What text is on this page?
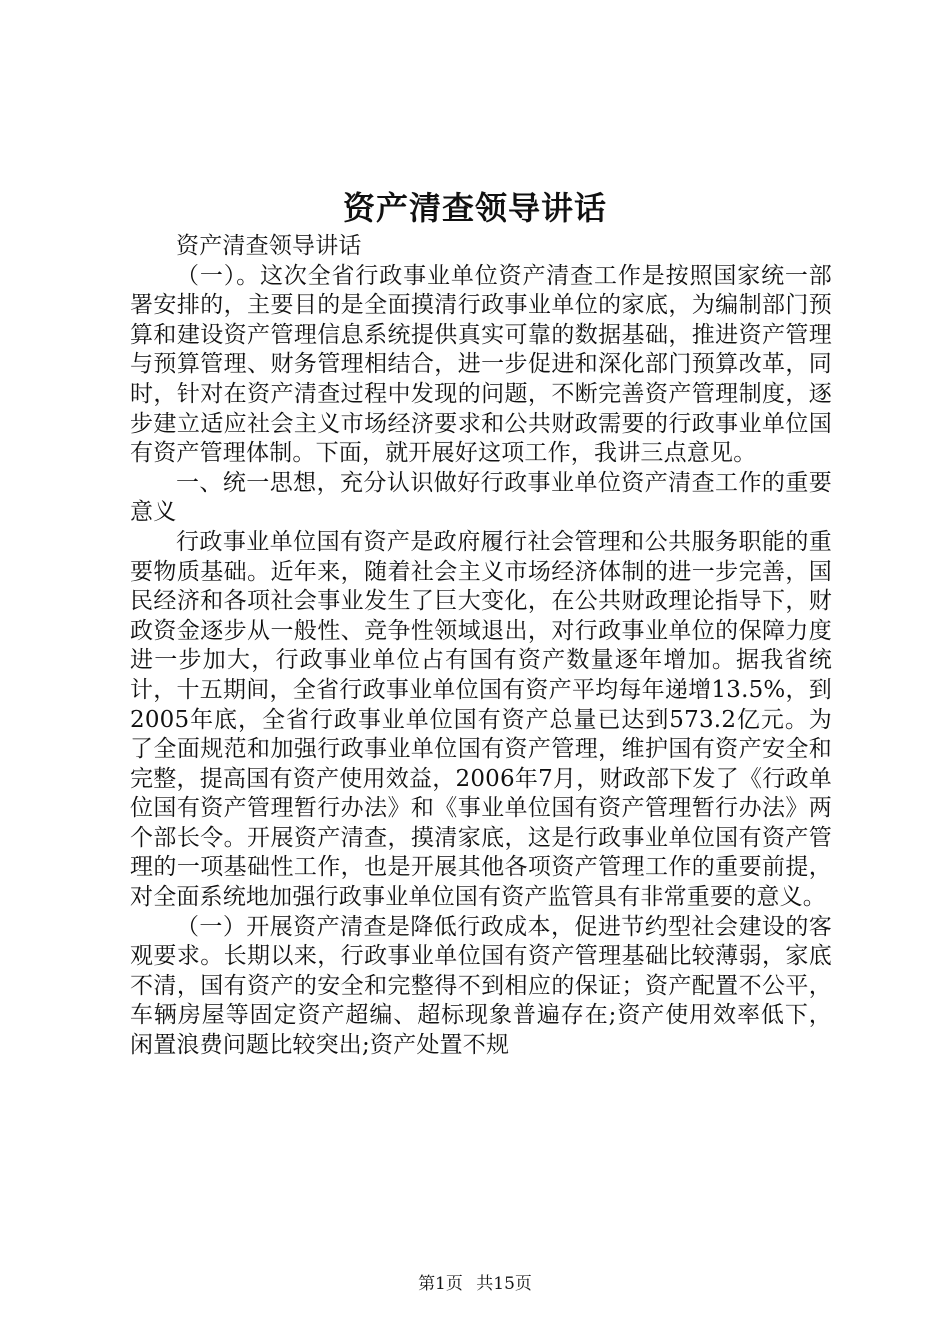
资产清查领导讲话

资产清查领导讲话

（一）。这次全省行政事业单位资产清查工作是按照国家统一部署安排的，主要目的是全面摸清行政事业单位的家底，为编制部门预算和建设资产管理信息系统提供真实可靠的数据基础，推进资产管理与预算管理、财务管理相结合，进一步促进和深化部门预算改革，同时，针对在资产清查过程中发现的问题，不断完善资产管理制度，逐步建立适应社会主义市场经济要求和公共财政需要的行政事业单位国有资产管理体制。下面，就开展好这项工作，我讲三点意见。

一、统一思想，充分认识做好行政事业单位资产清查工作的重要意义

行政事业单位国有资产是政府履行社会管理和公共服务职能的重要物质基础。近年来，随着社会主义市场经济体制的进一步完善，国民经济和各项社会事业发生了巨大变化，在公共财政理论指导下，财政资金逐步从一般性、竞争性领域退出，对行政事业单位的保障力度进一步加大，行政事业单位占有国有资产数量逐年增加。据我省统计，十五期间，全省行政事业单位国有资产平均每年递增13.5%，到2005年底，全省行政事业单位国有资产总量已达到573.2亿元。为了全面规范和加强行政事业单位国有资产管理，维护国有资产安全和完整，提高国有资产使用效益，2006年7月，财政部下发了《行政单位国有资产管理暂行办法》和《事业单位国有资产管理暂行办法》两个部长令。开展资产清查，摸清家底，这是行政事业单位国有资产管理的一项基础性工作，也是开展其他各项资产管理工作的重要前提，对全面系统地加强行政事业单位国有资产监管具有非常重要的意义。

（一）开展资产清查是降低行政成本，促进节约型社会建设的客观要求。长期以来，行政事业单位国有资产管理基础比较薄弱，家底不清，国有资产的安全和完整得不到相应的保证；资产配置不公平，车辆房屋等固定资产超编、超标现象普遍存在;资产使用效率低下，闲置浪费问题比较突出;资产处置不规

第1页 共15页
